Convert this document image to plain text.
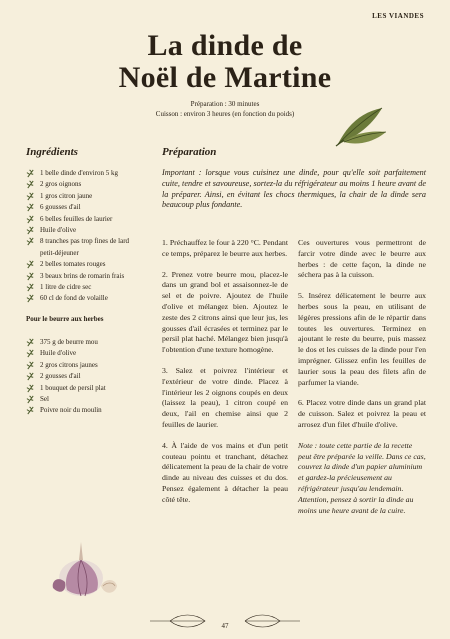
LES VIANDES
La dinde de
Noël de Martine
Préparation : 30 minutes
Cuisson : environ 3 heures (en fonction du poids)
Ingrédients
1 belle dinde d'environ 5 kg
2 gros oignons
1 gros citron jaune
6 gousses d'ail
6 belles feuilles de laurier
Huile d'olive
8 tranches pas trop fines de lard petit-déjeuner
2 belles tomates rouges
3 beaux brins de romarin frais
1 litre de cidre sec
60 cl de fond de volaille
Pour le beurre aux herbes
375 g de beurre mou
Huile d'olive
2 gros citrons jaunes
2 gousses d'ail
1 bouquet de persil plat
Sel
Poivre noir du moulin
Préparation

Important : lorsque vous cuisinez une dinde, pour qu'elle soit parfaitement cuite, tendre et savoureuse, sortez-la du réfrigérateur au moins 1 heure avant de la préparer. Ainsi, en évitant les chocs thermiques, la chair de la dinde sera beaucoup plus fondante.

1. Préchauffez le four à 220 °C. Pendant ce temps, préparez le beurre aux herbes.

2. Prenez votre beurre mou, placez-le dans un grand bol et assaisonnez-le de sel et de poivre. Ajoutez de l'huile d'olive et mélangez bien. Ajoutez le zeste des 2 citrons ainsi que leur jus, les gousses d'ail écrasées et terminez par le persil plat haché. Mélangez bien jusqu'à l'obtention d'une texture homogène.

3. Salez et poivrez l'intérieur et l'extérieur de votre dinde. Placez à l'intérieur les 2 oignons coupés en deux (laissez la peau), 1 citron coupé en deux, l'ail en chemise ainsi que 2 feuilles de laurier.

4. À l'aide de vos mains et d'un petit couteau pointu et tranchant, détachez délicatement la peau de la chair de votre dinde au niveau des cuisses et du dos. Pensez également à détacher la peau côté tête.

Ces ouvertures vous permettront de farcir votre dinde avec le beurre aux herbes : de cette façon, la dinde ne séchera pas à la cuisson.

5. Insérez délicatement le beurre aux herbes sous la peau, en utilisant de légères pressions afin de le répartir dans toutes les ouvertures. Terminez en ajoutant le reste du beurre, puis massez le dos et les cuisses de la dinde pour l'en imprégner. Glissez enfin les feuilles de laurier sous la peau des filets afin de parfumer la viande.

6. Placez votre dinde dans un grand plat de cuisson. Salez et poivrez la peau et arrosez d'un filet d'huile d'olive.

Note : toute cette partie de la recette peut être préparée la veille. Dans ce cas, couvrez la dinde d'un papier aluminium et gardez-la précieusement au réfrigérateur jusqu'au lendemain. Attention, pensez à sortir la dinde au moins une heure avant de la cuire.

47
